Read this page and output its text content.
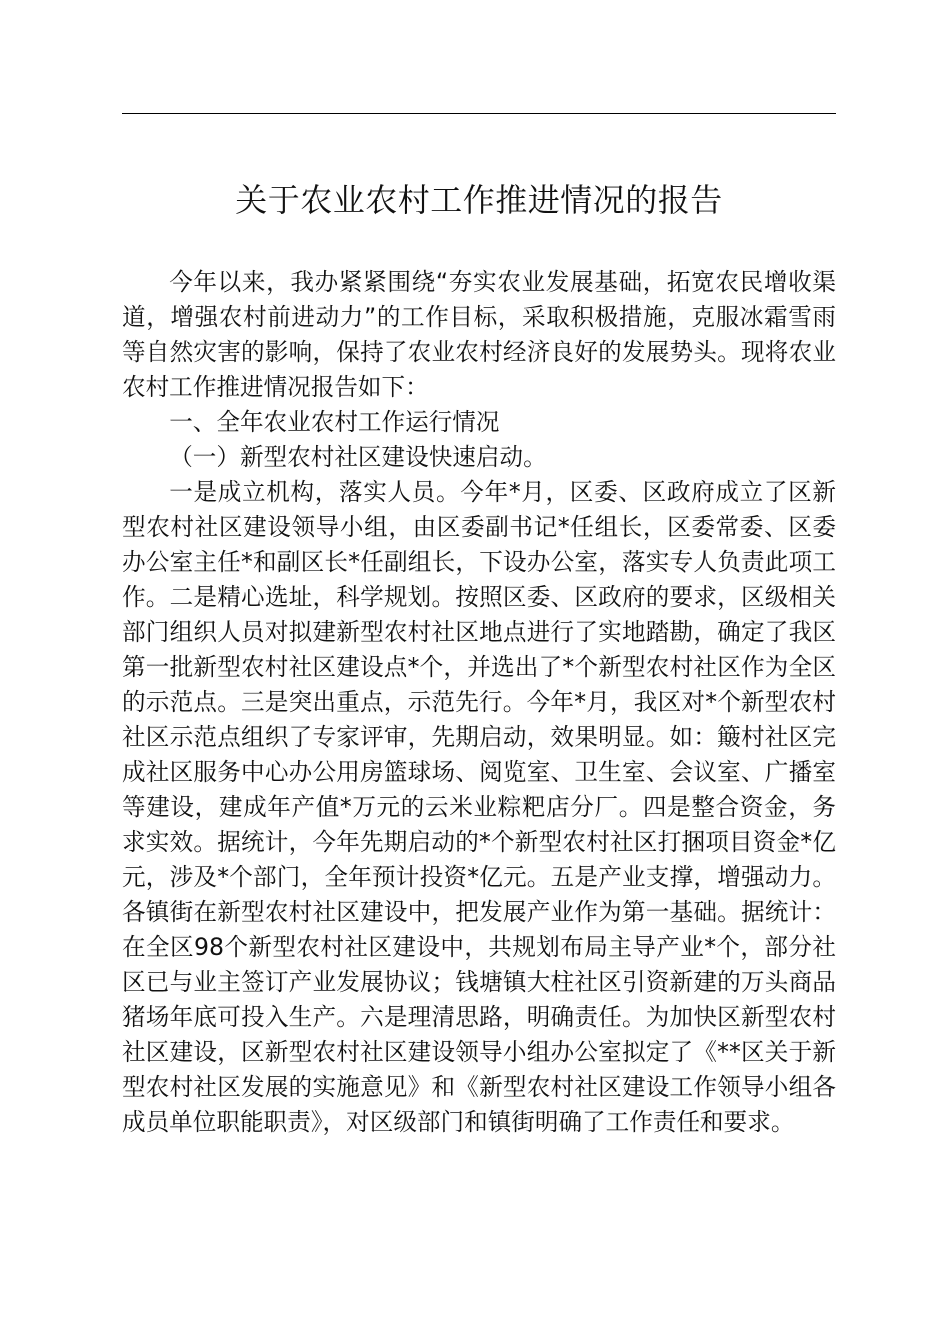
关于农业农村工作推进情况的报告

今年以来，我办紧紧围绕“夯实农业发展基础，拓宽农民增收渠道，增强农村前进动力”的工作目标，采取积极措施，克服冰霜雪雨等自然灾害的影响，保持了农业农村经济良好的发展势头。现将农业农村工作推进情况报告如下：

一、全年农业农村工作运行情况

（一）新型农村社区建设快速启动。

一是成立机构，落实人员。今年*月，区委、区政府成立了区新型农村社区建设领导小组，由区委副书记*任组长，区委常委、区委办公室主任*和副区长*任副组长，下设办公室，落实专人负责此项工作。二是精心选址，科学规划。按照区委、区政府的要求，区级相关部门组织人员对拟建新型农村社区地点进行了实地踏勘，确定了我区第一批新型农村社区建设点*个，并选出了*个新型农村社区作为全区的示范点。三是突出重点，示范先行。今年*月，我区对*个新型农村社区示范点组织了专家评审，先期启动，效果明显。如：簸村社区完成社区服务中心办公用房篮球场、阅览室、卫生室、会议室、广播室等建设，建成年产值*万元的云米业粽粑店分厂。四是整合资金，务求实效。据统计，今年先期启动的*个新型农村社区打捆项目资金*亿元，涉及*个部门，全年预计投资*亿元。五是产业支撑，增强动力。各镇街在新型农村社区建设中，把发展产业作为第一基础。据统计：在全区98个新型农村社区建设中，共规划布局主导产业*个，部分社区已与业主签订产业发展协议；钱塘镇大柱社区引资新建的万头商品猪场年底可投入生产。六是理清思路，明确责任。为加快区新型农村社区建设，区新型农村社区建设领导小组办公室拟定了《**区关于新型农村社区发展的实施意见》和《新型农村社区建设工作领导小组各成员单位职能职责》，对区级部门和镇街明确了工作责任和要求。
